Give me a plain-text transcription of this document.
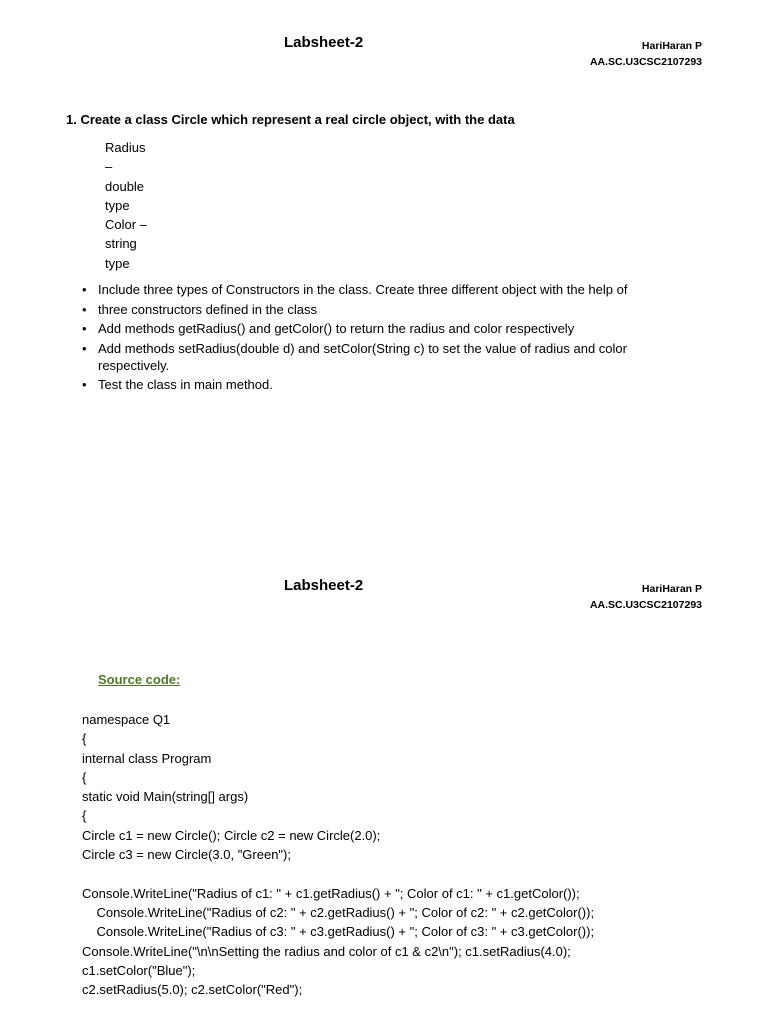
Labsheet-2	HariHaran P
AA.SC.U3CSC2107293
1. Create a class Circle which represent a real circle object, with the data
Radius
–
double
type
Color –
string
type
• Include three types of Constructors in the class. Create three different object with the help of
• three constructors defined in the class
• Add methods getRadius() and getColor() to return the radius and color respectively
• Add methods setRadius(double d) and setColor(String c) to set the value of radius and color respectively.
• Test the class in main method.
Labsheet-2	HariHaran P
AA.SC.U3CSC2107293
Source code:
namespace Q1
{
internal class Program
{
static void Main(string[] args)
{
Circle c1 = new Circle(); Circle c2 = new Circle(2.0);
Circle c3 = new Circle(3.0, "Green");

Console.WriteLine("Radius of c1: " + c1.getRadius() + "; Color of c1: " + c1.getColor());
Console.WriteLine("Radius of c2: " + c2.getRadius() + "; Color of c2: " + c2.getColor());
Console.WriteLine("Radius of c3: " + c3.getRadius() + "; Color of c3: " + c3.getColor());
Console.WriteLine("\n\nSetting the radius and color of c1 & c2\n"); c1.setRadius(4.0);
c1.setColor("Blue");
c2.setRadius(5.0); c2.setColor("Red");
